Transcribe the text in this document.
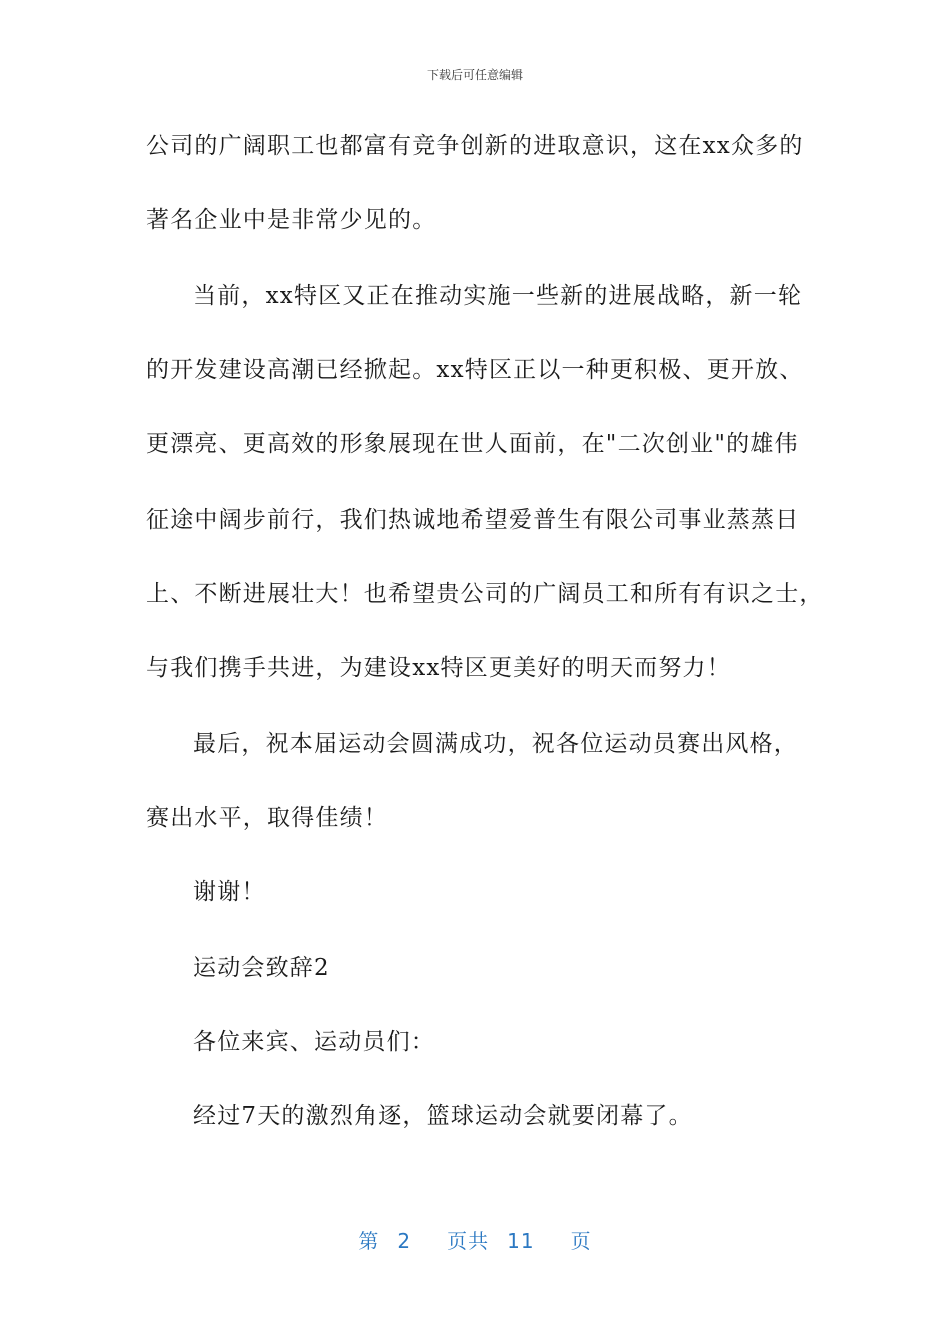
下载后可任意编辑
公司的广阔职工也都富有竞争创新的进取意识，这在xx众多的
著名企业中是非常少见的。
当前，xx特区又正在推动实施一些新的进展战略，新一轮
的开发建设高潮已经掀起。xx特区正以一种更积极、更开放、
更漂亮、更高效的形象展现在世人面前，在"二次创业"的雄伟
征途中阔步前行，我们热诚地希望爱普生有限公司事业蒸蒸日
上、不断进展壮大！也希望贵公司的广阔员工和所有有识之士，
与我们携手共进，为建设xx特区更美好的明天而努力！
最后，祝本届运动会圆满成功，祝各位运动员赛出风格，
赛出水平，取得佳绩！
谢谢！
运动会致辞2
各位来宾、运动员们：
经过7天的激烈角逐，篮球运动会就要闭幕了。
第 2 页共 11 页
